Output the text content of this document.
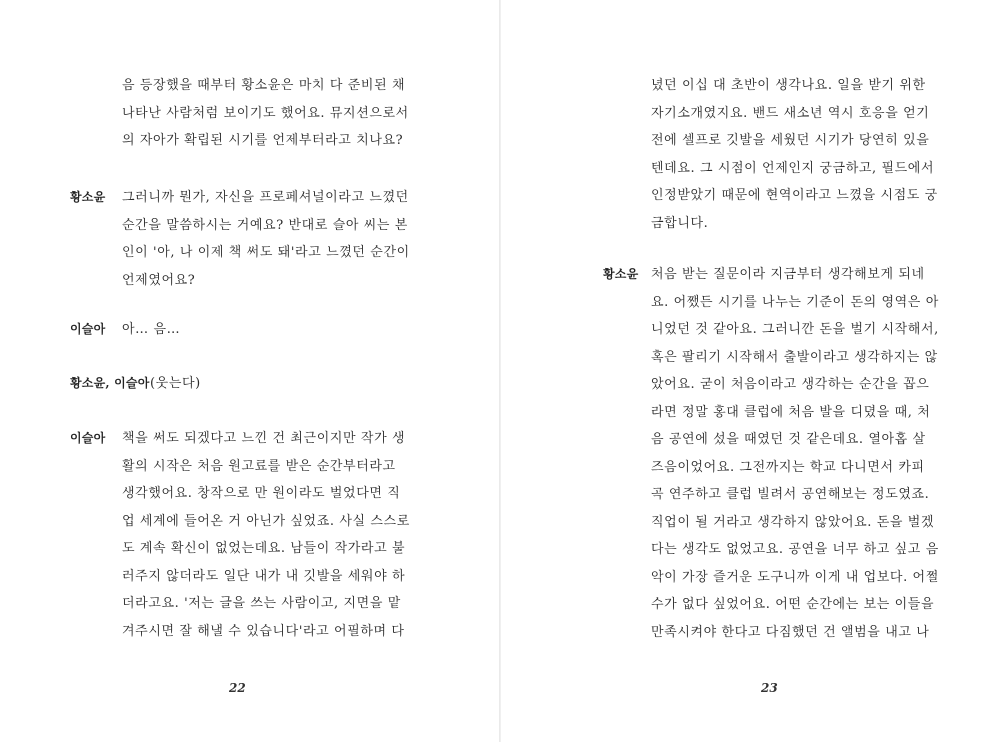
음 등장했을 때부터 황소윤은 마치 다 준비된 채
나타난 사람처럼 보이기도 했어요. 뮤지션으로서
의 자아가 확립된 시기를 언제부터라고 치나요?
황소윤 그러니까 뭔가, 자신을 프로페셔널이라고 느꼈던
순간을 말씀하시는 거예요? 반대로 슬아 씨는 본
인이 '아, 나 이제 책 써도 돼'라고 느꼈던 순간이
언제였어요?
이슬아 아… 음…
황소윤, 이슬아 (웃는다)
이슬아 책을 써도 되겠다고 느낀 건 최근이지만 작가 생
활의 시작은 처음 원고료를 받은 순간부터라고
생각했어요. 창작으로 만 원이라도 벌었다면 직
업 세계에 들어온 거 아닌가 싶었죠. 사실 스스로
도 계속 확신이 없었는데요. 남들이 작가라고 불
러주지 않더라도 일단 내가 내 깃발을 세워야 하
더라고요. '저는 글을 쓰는 사람이고, 지면을 맡
겨주시면 잘 해낼 수 있습니다'라고 어필하며 다
22
녔던 이십 대 초반이 생각나요. 일을 받기 위한
자기소개였지요. 밴드 새소년 역시 호응을 얻기
전에 셀프로 깃발을 세웠던 시기가 당연히 있을
텐데요. 그 시점이 언제인지 궁금하고, 필드에서
인정받았기 때문에 현역이라고 느꼈을 시점도 궁
금합니다.
황소윤 처음 받는 질문이라 지금부터 생각해보게 되네
요. 어쨌든 시기를 나누는 기준이 돈의 영역은 아
니었던 것 같아요. 그러니깐 돈을 벌기 시작해서,
혹은 팔리기 시작해서 출발이라고 생각하지는 않
았어요. 굳이 처음이라고 생각하는 순간을 꼽으
라면 정말 홍대 클럽에 처음 발을 디뎠을 때, 처
음 공연에 섰을 때였던 것 같은데요. 열아홉 살
즈음이었어요. 그전까지는 학교 다니면서 카피
곡 연주하고 클럽 빌려서 공연해보는 정도였죠.
직업이 될 거라고 생각하지 않았어요. 돈을 벌겠
다는 생각도 없었고요. 공연을 너무 하고 싶고 음
악이 가장 즐거운 도구니까 이게 내 업보다. 어쩔
수가 없다 싶었어요. 어떤 순간에는 보는 이들을
만족시켜야 한다고 다짐했던 건 앨범을 내고 나
23
